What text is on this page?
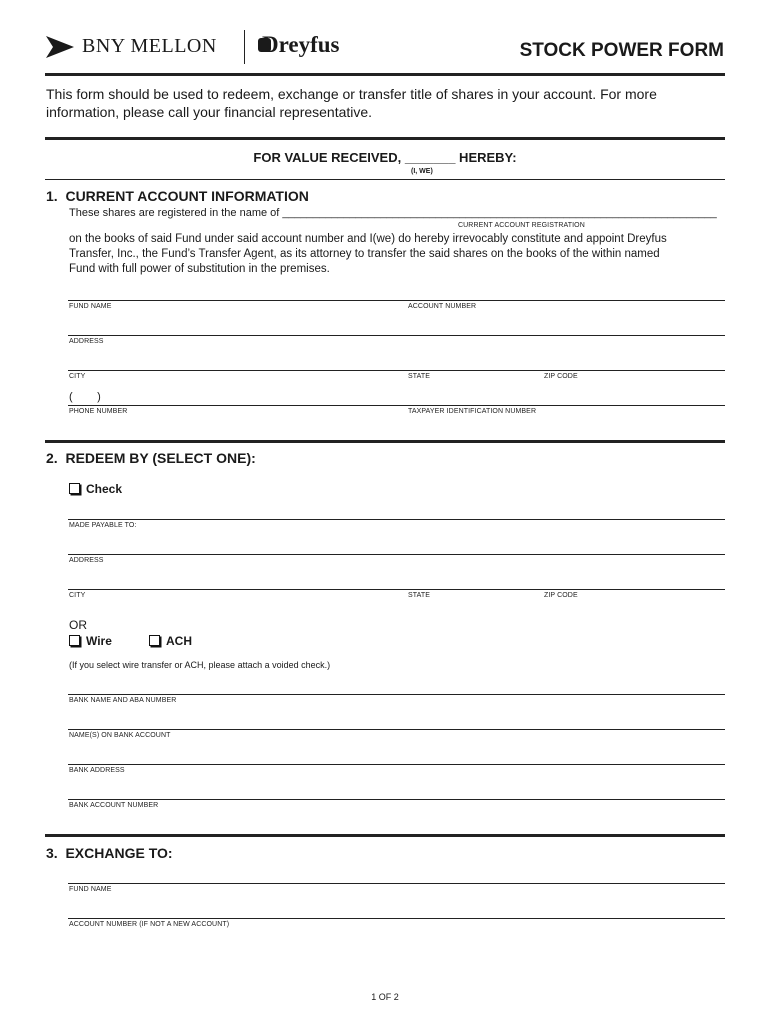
BNY MELLON Dreyfus	STOCK POWER FORM
This form should be used to redeem, exchange or transfer title of shares in your account. For more
information, please call your financial representative.
FOR VALUE RECEIVED, _______ HEREBY:
(I, WE)
1.  CURRENT ACCOUNT INFORMATION
These shares are registered in the name of _______________________________________________________________________
CURRENT ACCOUNT REGISTRATION
on the books of said Fund under said account number and I(we) do hereby irrevocably constitute and appoint Dreyfus
Transfer, Inc., the Fund’s Transfer Agent, as its attorney to transfer the said shares on the books of the within named
Fund with full power of substitution in the premises.
FUND NAME	ACCOUNT NUMBER
ADDRESS
CITY	STATE	ZIP CODE
(        )
PHONE NUMBER	TAXPAYER IDENTIFICATION NUMBER
2.  REDEEM BY (SELECT ONE):
Check
MADE PAYABLE TO:
ADDRESS
CITY	STATE	ZIP CODE
OR
Wire	ACH
(If you select wire transfer or ACH, please attach a voided check.)
BANK NAME AND ABA NUMBER
NAME(S) ON BANK ACCOUNT
BANK ADDRESS
BANK ACCOUNT NUMBER
3.  EXCHANGE TO:
FUND NAME
ACCOUNT NUMBER (IF NOT A NEW ACCOUNT)
1 OF 2
